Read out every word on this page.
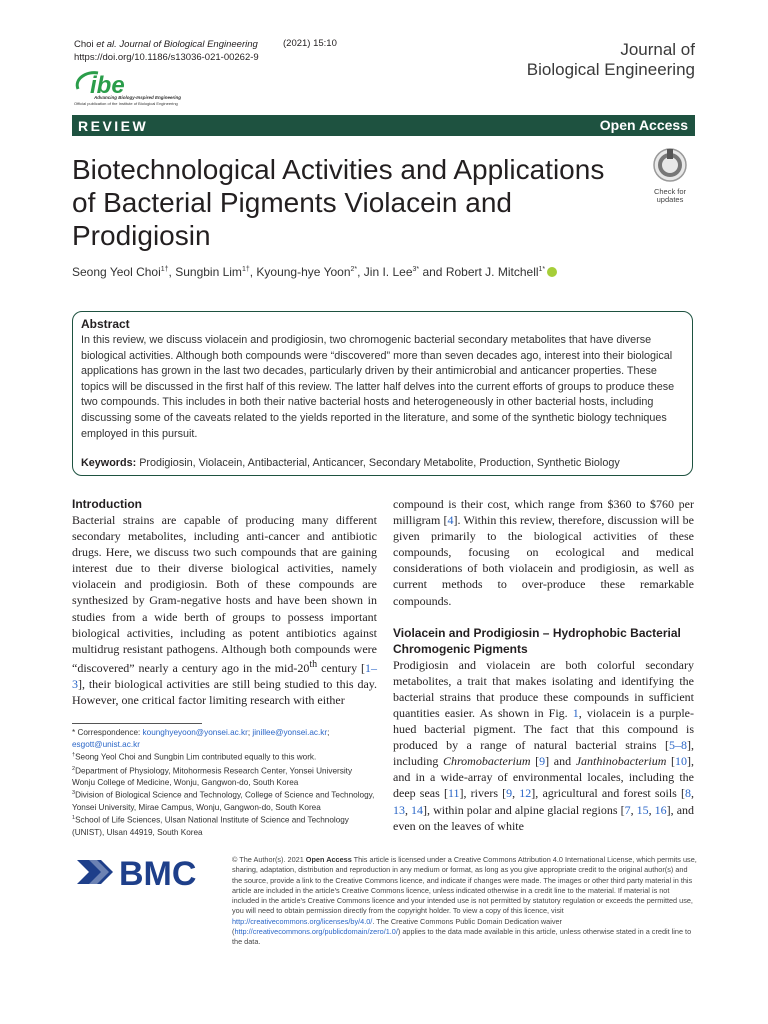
Choi et al. Journal of Biological Engineering	(2021) 15:10
https://doi.org/10.1186/s13036-021-00262-9	Journal of
Biological Engineering
ibe
Advancing Biology-Inspired Engineering
Official publication of the Institute of Biological Engineering
REVIEW	Open Access
Biotechnological Activities and Applications of Bacterial Pigments Violacein and Prodigiosin
Check for
updates
Seong Yeol Choi$^{1\dagger}$, Sungbin Lim$^{1\dagger}$, Kyoung-hye Yoon$^{2*}$, Jin I. Lee$^{3*}$ and Robert J. Mitchell$^{1*}$
Abstract
In this review, we discuss violacein and prodigiosin, two chromogenic bacterial secondary metabolites that have diverse biological activities. Although both compounds were “discovered” more than seven decades ago, interest into their biological applications has grown in the last two decades, particularly driven by their antimicrobial and anticancer properties. These topics will be discussed in the first half of this review. The latter half delves into the current efforts of groups to produce these two compounds. This includes in both their native bacterial hosts and heterogeneously in other bacterial hosts, including discussing some of the caveats related to the yields reported in the literature, and some of the synthetic biology techniques employed in this pursuit.
Keywords: Prodigiosin, Violacein, Antibacterial, Anticancer, Secondary Metabolite, Production, Synthetic Biology
Introduction
Bacterial strains are capable of producing many different secondary metabolites, including anti-cancer and antibiotic drugs. Here, we discuss two such compounds that are gaining interest due to their diverse biological activities, namely violacein and prodigiosin. Both of these compounds are synthesized by Gram-negative hosts and have been shown in studies from a wide berth of groups to possess important biological activities, including as potent antibiotics against multidrug resistant pathogens. Although both compounds were “discovered” nearly a century ago in the mid-20th century [1–3], their biological activities are still being studied to this day. However, one critical factor limiting research with either
* Correspondence: kounghyeyoon@yonsei.ac.kr; jinillee@yonsei.ac.kr;
esgott@unist.ac.kr
†Seong Yeol Choi and Sungbin Lim contributed equally to this work.
$^2$Department of Physiology, Mitohormesis Research Center, Yonsei University Wonju College of Medicine, Wonju, Gangwon-do, South Korea
$^3$Division of Biological Science and Technology, College of Science and Technology, Yonsei University, Mirae Campus, Wonju, Gangwon-do, South Korea
$^1$School of Life Sciences, Ulsan National Institute of Science and Technology (UNIST), Ulsan 44919, South Korea
compound is their cost, which range from $360 to $760 per milligram [4]. Within this review, therefore, discussion will be given primarily to the biological activities of these compounds, focusing on ecological and medical considerations of both violacein and prodigiosin, as well as current methods to over-produce these remarkable compounds.
Violacein and Prodigiosin – Hydrophobic Bacterial Chromogenic Pigments
Prodigiosin and violacein are both colorful secondary metabolites, a trait that makes isolating and identifying the bacterial strains that produce these compounds in sufficient quantities easier. As shown in Fig. 1, violacein is a purple-hued bacterial pigment. The fact that this compound is produced by a range of natural bacterial strains [5–8], including Chromobacterium [9] and Janthinobacterium [10], and in a wide-array of environmental locales, including the deep seas [11], rivers [9, 12], agricultural and forest soils [8, 13, 14], within polar and alpine glacial regions [7, 15, 16], and even on the leaves of white
BMC	© The Author(s). 2021 Open Access This article is licensed under a Creative Commons Attribution 4.0 International License, which permits use, sharing, adaptation, distribution and reproduction in any medium or format, as long as you give appropriate credit to the original author(s) and the source, provide a link to the Creative Commons licence, and indicate if changes were made. The images or other third party material in this article are included in the article's Creative Commons licence, unless indicated otherwise in a credit line to the material. If material is not included in the article's Creative Commons licence and your intended use is not permitted by statutory regulation or exceeds the permitted use, you will need to obtain permission directly from the copyright holder. To view a copy of this licence, visit http://creativecommons.org/licenses/by/4.0/. The Creative Commons Public Domain Dedication waiver (http://creativecommons.org/publicdomain/zero/1.0/) applies to the data made available in this article, unless otherwise stated in a credit line to the data.
